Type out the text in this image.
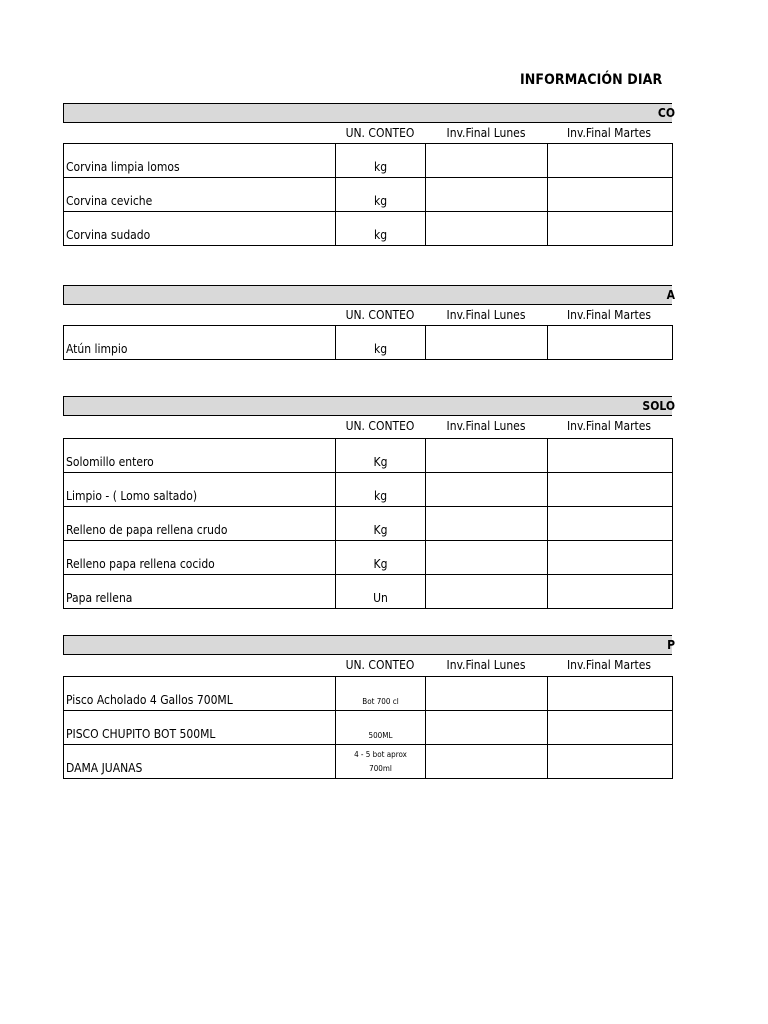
INFORMACIÓN DIAR
CO
UN. CONTEO	Inv.Final Lunes	Inv.Final Martes
Corvina limpia lomos	kg		
Corvina ceviche	kg		
Corvina sudado	kg		
A
UN. CONTEO	Inv.Final Lunes	Inv.Final Martes
Atún limpio	kg		
SOLO
UN. CONTEO	Inv.Final Lunes	Inv.Final Martes
Solomillo entero	Kg		
Limpio - ( Lomo saltado)	kg		
Relleno de papa rellena crudo	Kg		
Relleno papa rellena cocido	Kg		
Papa rellena	Un		
P
UN. CONTEO	Inv.Final Lunes	Inv.Final Martes
Pisco Acholado 4 Gallos 700ML	Bot 700 cl		
PISCO CHUPITO BOT 500ML	500ML		
DAMA JUANAS	4 - 5 bot aprox
700ml		
